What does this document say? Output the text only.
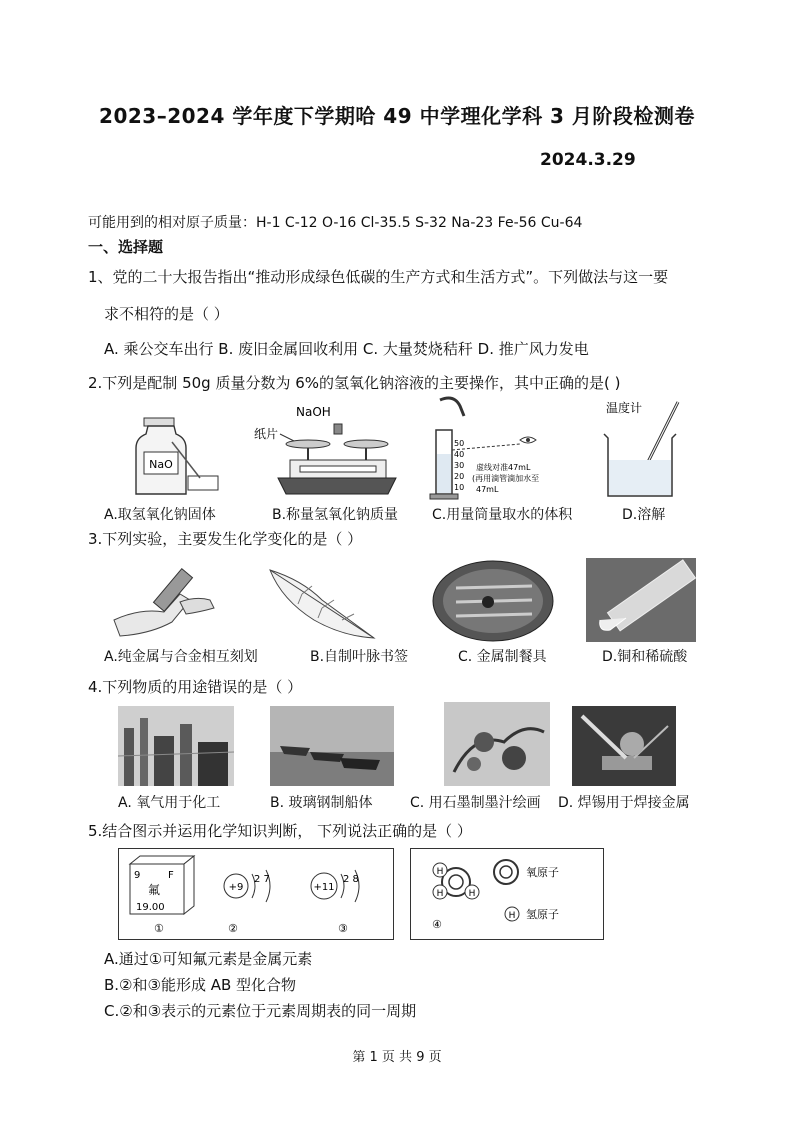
2023–2024 学年度下学期哈 49 中学理化学科 3 月阶段检测卷
2024.3.29
可能用到的相对原子质量：H-1 C-12 O-16 Cl-35.5 S-32 Na-23 Fe-56 Cu-64
一、选择题
1、党的二十大报告指出“推动形成绿色低碳的生产方式和生活方式”。下列做法与这一要
求不相符的是（ ）
A. 乘公交车出行 B. 废旧金属回收利用 C. 大量焚烧秸秆 D. 推广风力发电
2.下列是配制 50g 质量分数为 6%的氢氧化钠溶液的主要操作，其中正确的是( )
NaO
A.取氢氧化钠固体
NaOH
纸片
B.称量氢氧化钠质量
50
40
30
20
10
虚线对准47mL
(再用滴管滴加水至
47mL
C.用量筒量取水的体积
温度计
D.溶解
3.下列实验，主要发生化学变化的是（ ）
A.纯金属与合金相互刻划	B.自制叶脉书签	C. 金属制餐具	D.铜和稀硫酸
4.下列物质的用途错误的是（ ）
A. 氧气用于化工	B. 玻璃钢制船体	C. 用石墨制墨汁绘画 D. 焊锡用于焊接金属
5.结合图示并运用化学知识判断， 下列说法正确的是（ ）
9	F
氟
19.00
①
+9
2 7
②
+11
2 8
③
H
H	H
氧原子
H 氢原子
④
A.通过①可知氟元素是金属元素
B.②和③能形成 AB 型化合物
C.②和③表示的元素位于元素周期表的同一周期
第 1 页 共 9 页
